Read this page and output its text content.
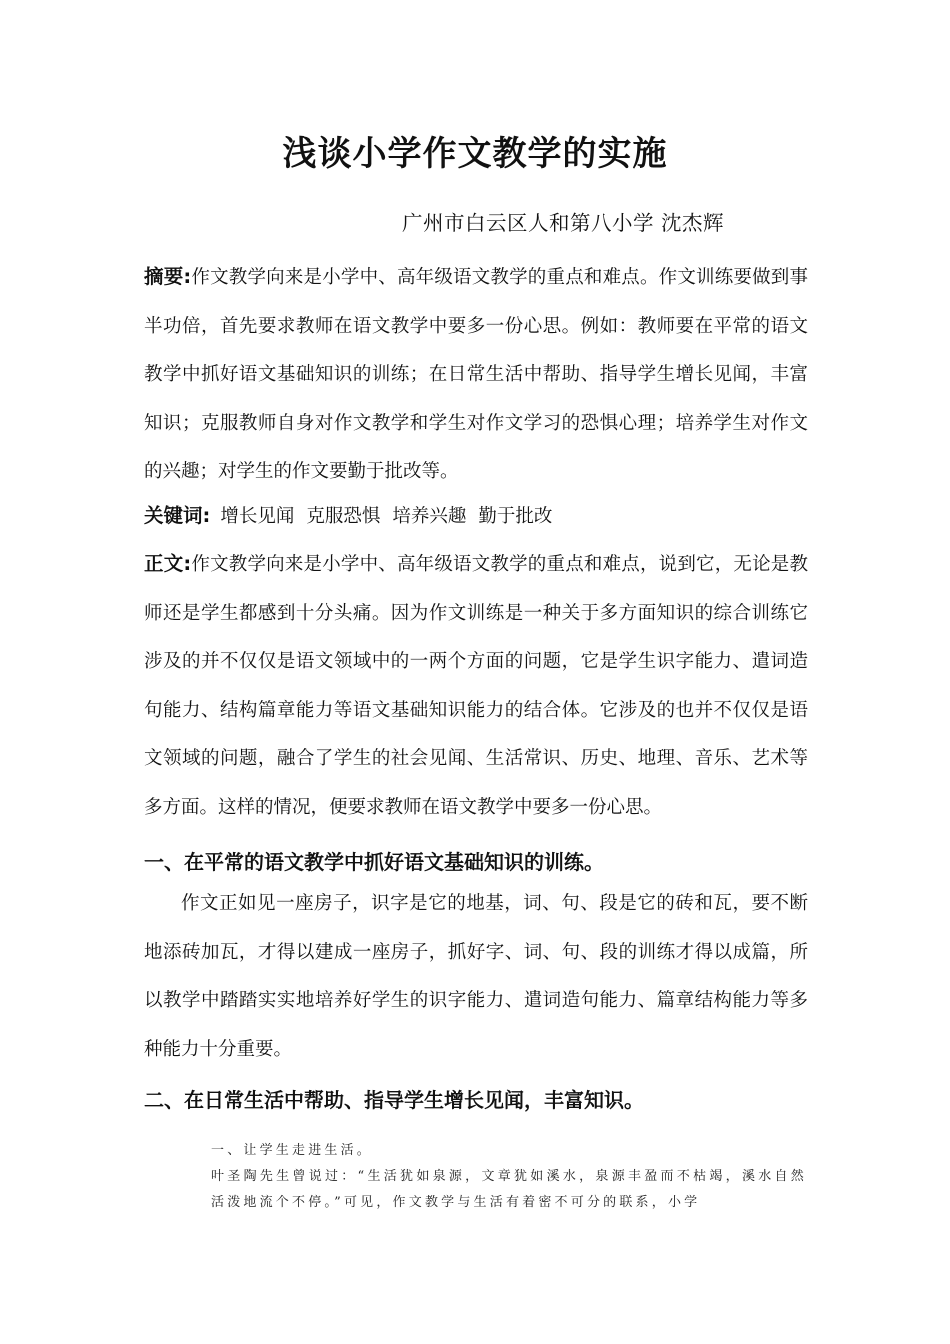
浅谈小学作文教学的实施
广州市白云区人和第八小学 沈杰辉
摘要:作文教学向来是小学中、高年级语文教学的重点和难点。作文训练要做到事半功倍，首先要求教师在语文教学中要多一份心思。例如：教师要在平常的语文教学中抓好语文基础知识的训练；在日常生活中帮助、指导学生增长见闻，丰富知识；克服教师自身对作文教学和学生对作文学习的恐惧心理；培养学生对作文的兴趣；对学生的作文要勤于批改等。
关键词: 增长见闻 克服恐惧 培养兴趣 勤于批改
正文:作文教学向来是小学中、高年级语文教学的重点和难点，说到它，无论是教师还是学生都感到十分头痛。因为作文训练是一种关于多方面知识的综合训练它涉及的并不仅仅是语文领域中的一两个方面的问题，它是学生识字能力、遣词造句能力、结构篇章能力等语文基础知识能力的结合体。它涉及的也并不仅仅是语文领域的问题，融合了学生的社会见闻、生活常识、历史、地理、音乐、艺术等多方面。这样的情况，便要求教师在语文教学中要多一份心思。
一、在平常的语文教学中抓好语文基础知识的训练。
作文正如见一座房子，识字是它的地基，词、句、段是它的砖和瓦，要不断地添砖加瓦，才得以建成一座房子，抓好字、词、句、段的训练才得以成篇，所以教学中踏踏实实地培养好学生的识字能力、遣词造句能力、篇章结构能力等多种能力十分重要。
二、在日常生活中帮助、指导学生增长见闻，丰富知识。
一、让学生走进生活。
叶圣陶先生曾说过：“生活犹如泉源，文章犹如溪水，泉源丰盈而不枯竭，溪水自然活泼地流个不停。”可见，作文教学与生活有着密不可分的联系，小学
